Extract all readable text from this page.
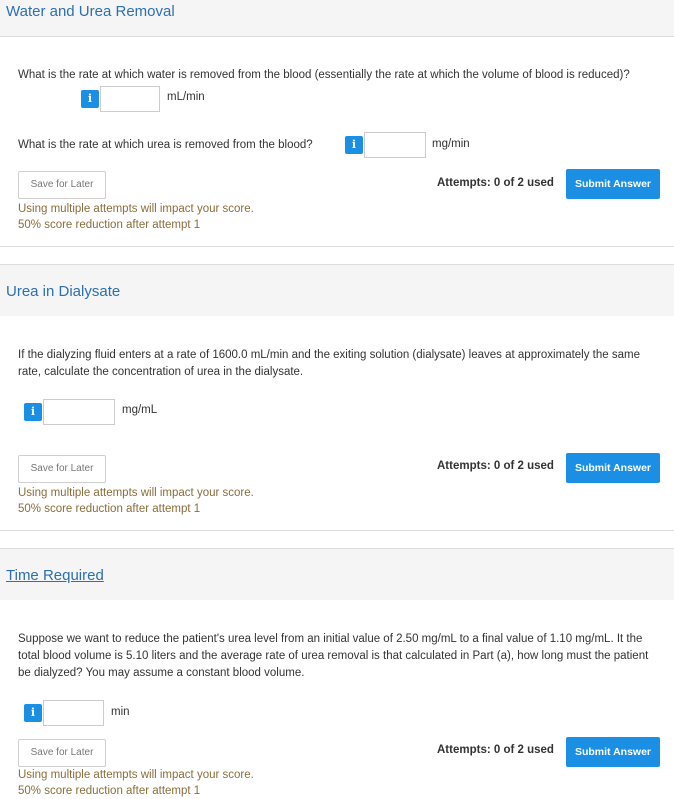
Water and Urea Removal
What is the rate at which water is removed from the blood (essentially the rate at which the volume of blood is reduced)?
i	mL/min
What is the rate at which urea is removed from the blood?	i	mg/min
Save for Later	Attempts: 0 of 2 used	Submit Answer
Using multiple attempts will impact your score.
50% score reduction after attempt 1
Urea in Dialysate
If the dialyzing fluid enters at a rate of 1600.0 mL/min and the exiting solution (dialysate) leaves at approximately the same rate, calculate the concentration of urea in the dialysate.
i	mg/mL
Save for Later	Attempts: 0 of 2 used	Submit Answer
Using multiple attempts will impact your score.
50% score reduction after attempt 1
Time Required
Suppose we want to reduce the patient's urea level from an initial value of 2.50 mg/mL to a final value of 1.10 mg/mL. It the total blood volume is 5.10 liters and the average rate of urea removal is that calculated in Part (a), how long must the patient be dialyzed? You may assume a constant blood volume.
i	min
Save for Later	Attempts: 0 of 2 used	Submit Answer
Using multiple attempts will impact your score.
50% score reduction after attempt 1
